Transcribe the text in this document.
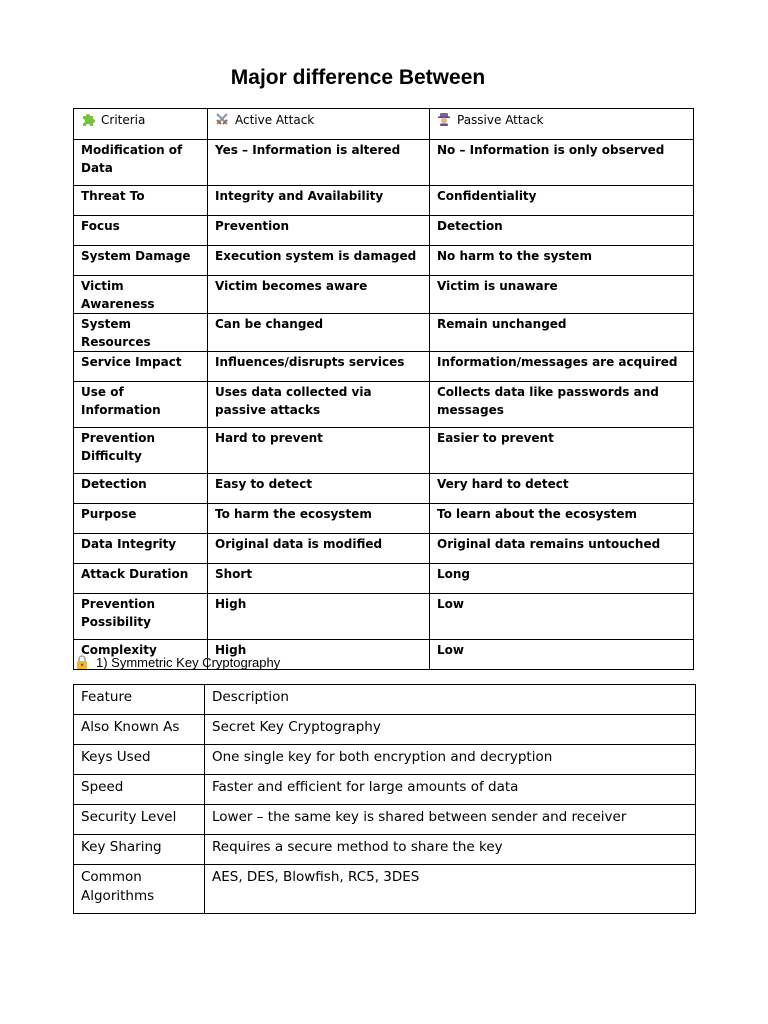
Major difference Between
Criteria	Active Attack	Passive Attack
Modification of Data	Yes – Information is altered	No – Information is only observed
Threat To	Integrity and Availability	Confidentiality
Focus	Prevention	Detection
System Damage	Execution system is damaged	No harm to the system
Victim Awareness	Victim becomes aware	Victim is unaware
System Resources	Can be changed	Remain unchanged
Service Impact	Influences/disrupts services	Information/messages are acquired
Use of Information	Uses data collected via passive attacks	Collects data like passwords and messages
Prevention Difficulty	Hard to prevent	Easier to prevent
Detection	Easy to detect	Very hard to detect
Purpose	To harm the ecosystem	To learn about the ecosystem
Data Integrity	Original data is modified	Original data remains untouched
Attack Duration	Short	Long
Prevention Possibility	High	Low
Complexity	High	Low
1) Symmetric Key Cryptography
Feature	Description
Also Known As	Secret Key Cryptography
Keys Used	One single key for both encryption and decryption
Speed	Faster and efficient for large amounts of data
Security Level	Lower – the same key is shared between sender and receiver
Key Sharing	Requires a secure method to share the key
Common Algorithms	AES, DES, Blowfish, RC5, 3DES
